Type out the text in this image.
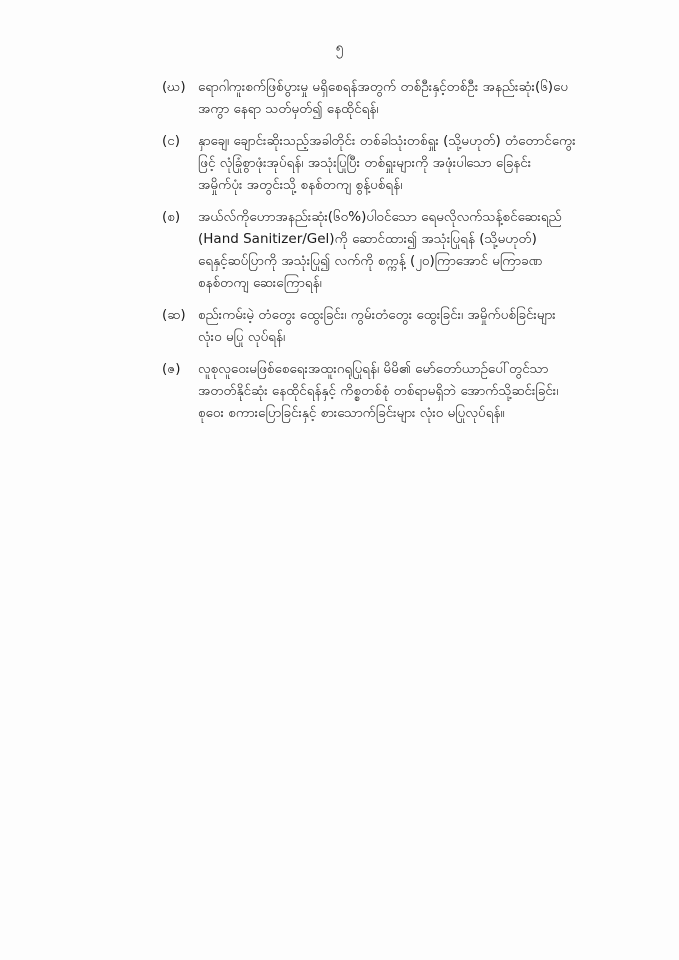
၅
(ဃ) ရောဂါကူးစက်ဖြစ်ပွားမှု မရှိစေရန်အတွက် တစ်ဦးနှင့်တစ်ဦး အနည်းဆုံး(၆)ပေ
အကွာ နေရာ သတ်မှတ်၍ နေထိုင်ရန်၊
(င)	နှာချေ၊ ချောင်းဆိုးသည့်အခါတိုင်း တစ်ခါသုံးတစ်ရှူး (သို့မဟုတ်) တံတောင်ကွေး
ဖြင့် လုံခြုံစွာဖုံးအုပ်ရန်၊ အသုံးပြုပြီး တစ်ရှူးများကို အဖုံးပါသော ခြေနင်း
အမှိုက်ပုံး အတွင်းသို့ စနစ်တကျ စွန့်ပစ်ရန်၊
(စ)	အယ်လ်ကိုဟောအနည်းဆုံး(၆၀%)ပါဝင်သော ရေမလိုလက်သန့်စင်ဆေးရည်
(Hand Sanitizer/Gel)ကို ဆောင်ထား၍ အသုံးပြုရန် (သို့မဟုတ်)
ရေနှင့်ဆပ်ပြာကို အသုံးပြု၍ လက်ကို စက္ကန့် (၂၀)ကြာအောင် မကြာခဏ
စနစ်တကျ ဆေးကြောရန်၊
(ဆ) စည်းကမ်းမဲ့ တံတွေး ထွေးခြင်း၊ ကွမ်းတံတွေး ထွေးခြင်း၊ အမှိုက်ပစ်ခြင်းများ
လုံးဝ မပြု လုပ်ရန်၊
(ဇ)	လူစုလူဝေးမဖြစ်စေရေးအထူးဂရုပြုရန်၊ မိမိ၏ မော်တော်ယာဉ်ပေါ်တွင်သာ
အတတ်နိုင်ဆုံး နေထိုင်ရန်နှင့် ကိစ္စတစ်စုံ တစ်ရာမရှိဘဲ အောက်သို့ဆင်းခြင်း၊
စုဝေး စကားပြောခြင်းနှင့် စားသောက်ခြင်းများ လုံးဝ မပြုလုပ်ရန်။
